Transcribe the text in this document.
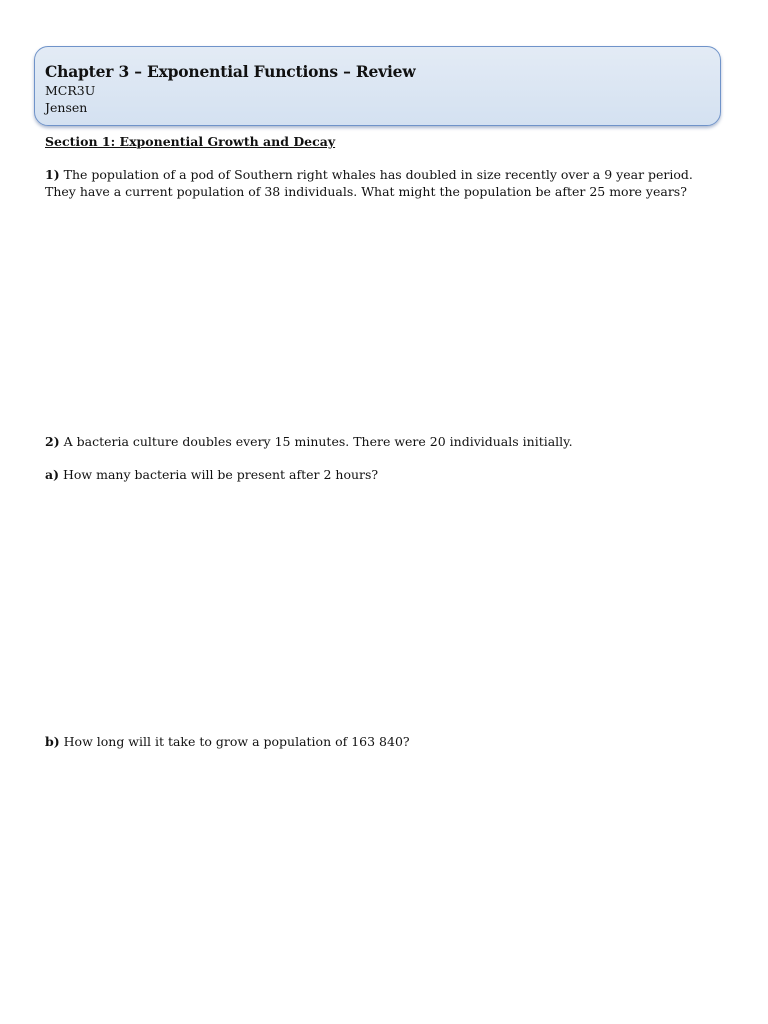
Chapter 3 – Exponential Functions – Review
MCR3U
Jensen
Section 1: Exponential Growth and Decay
1) The population of a pod of Southern right whales has doubled in size recently over a 9 year period. They have a current population of 38 individuals. What might the population be after 25 more years?
2) A bacteria culture doubles every 15 minutes. There were 20 individuals initially.
a) How many bacteria will be present after 2 hours?
b) How long will it take to grow a population of 163 840?
